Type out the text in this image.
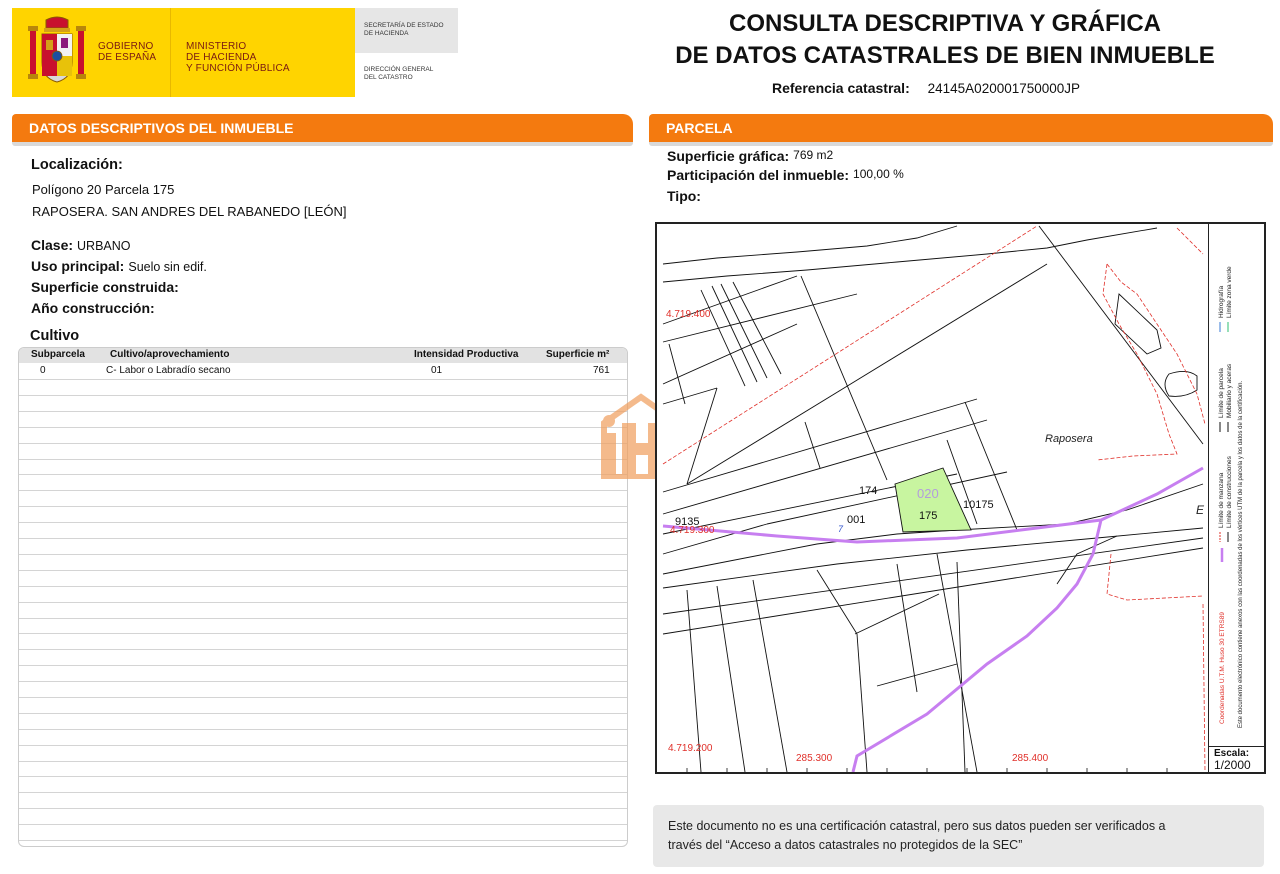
GOBIERNO
DE ESPAÑA
MINISTERIO
DE HACIENDA
Y FUNCIÓN PÚBLICA
SECRETARÍA DE ESTADO
DE HACIENDA
DIRECCIÓN GENERAL
DEL CATASTRO
CONSULTA DESCRIPTIVA Y GRÁFICA
DE DATOS CATASTRALES DE BIEN INMUEBLE
Referencia catastral: 24145A020001750000JP
DATOS DESCRIPTIVOS DEL INMUEBLE	PARCELA
Localización:
Polígono 20 Parcela 175
RAPOSERA. SAN ANDRES DEL RABANEDO [LEÓN]
Clase: URBANO
Uso principal: Suelo sin edif.
Superficie construida:
Año construcción:
Cultivo
Subparcela	Cultivo/aprovechamiento	Intensidad Productiva	Superficie m²
0	C- Labor o Labradío secano	01	761
Superficie gráfica: 769 m2
Participación del inmueble: 100,00 %
Tipo:
4.719.400
4.719.300
4.719.200
285.300	285.400
Raposera
174	020
175
10175
001
9135
E
7
Límite de manzana Límite de construcciones
Límite de parcela Mobiliario y aceras
Hidrografía Límite zona verde
Coordenadas U.T.M. Huso 30 ETRS89 Este documento electrónico contiene anexos con las coordenadas de los vértices UTM de la parcela y los datos de la certificación.
Escala:
1/2000
Este documento no es una certificación catastral, pero sus datos pueden ser verificados a
través del “Acceso a datos catastrales no protegidos de la SEC”
